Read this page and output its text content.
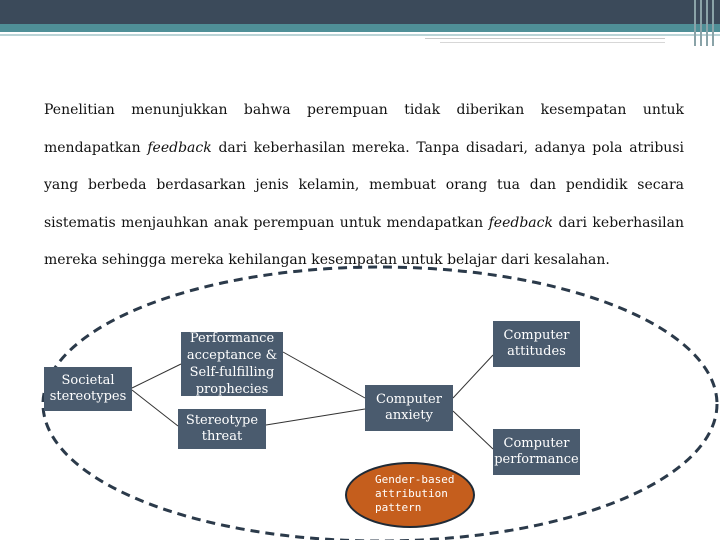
Penelitian menunjukkan bahwa perempuan tidak diberikan kesempatan untuk mendapatkan feedback dari keberhasilan mereka. Tanpa disadari, adanya pola atribusi yang berbeda berdasarkan jenis kelamin, membuat orang tua dan pendidik secara sistematis menjauhkan anak perempuan untuk mendapatkan feedback dari keberhasilan mereka sehingga mereka kehilangan kesempatan untuk belajar dari kesalahan.
Societal stereotypes
Performance acceptance & Self-fulfilling prophecies
Stereotype threat
Computer attitudes
Computer anxiety
Computer performance
Gender-based attribution pattern
